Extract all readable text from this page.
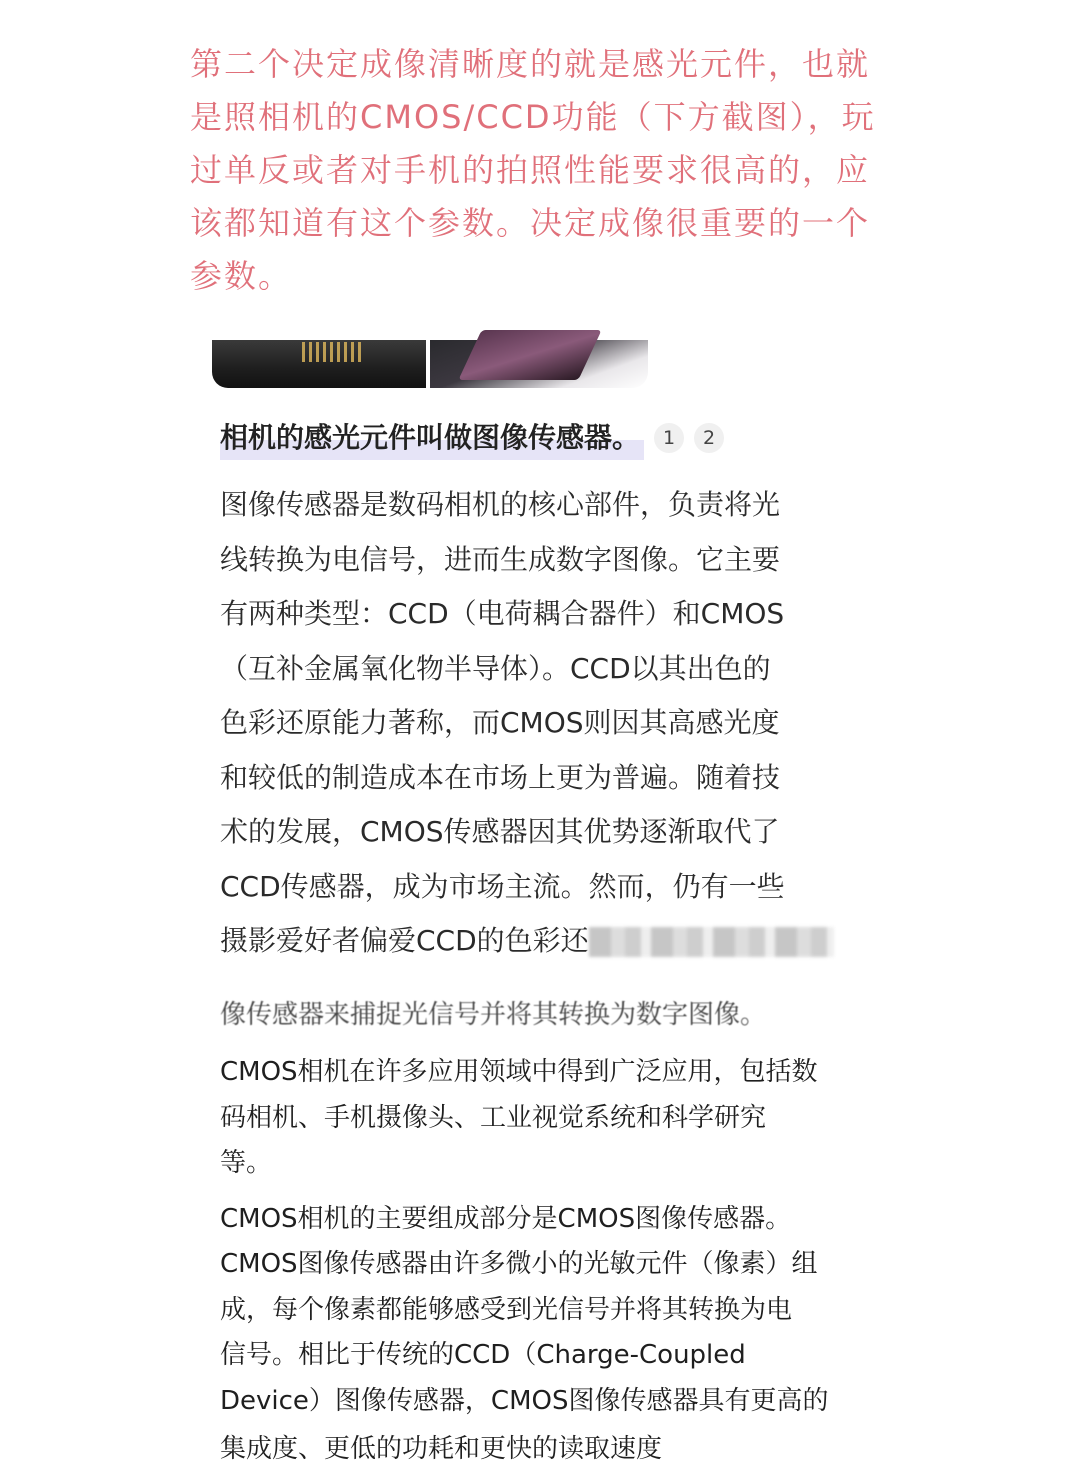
第二个决定成像清晰度的就是感光元件，也就

是照相机的CMOS/CCD功能（下方截图），玩

过单反或者对手机的拍照性能要求很高的，应

该都知道有这个参数。决定成像很重要的一个

参数。

相机的感光元件叫做图像传感器。	1	2

图像传感器是数码相机的核心部件，负责将光

线转换为电信号，进而生成数字图像。它主要

有两种类型：CCD（电荷耦合器件）和CMOS

（互补金属氧化物半导体）。CCD以其出色的

色彩还原能力著称，而CMOS则因其高感光度

和较低的制造成本在市场上更为普遍。随着技

术的发展，CMOS传感器因其优势逐渐取代了

CCD传感器，成为市场主流。然而，仍有一些

摄影爱好者偏爱CCD的色彩还

像传感器来捕捉光信号并将其转换为数字图像。

CMOS相机在许多应用领域中得到广泛应用，包括数

码相机、手机摄像头、工业视觉系统和科学研究

等。

CMOS相机的主要组成部分是CMOS图像传感器。

CMOS图像传感器由许多微小的光敏元件（像素）组

成，每个像素都能够感受到光信号并将其转换为电

信号。相比于传统的CCD（Charge-Coupled

Device）图像传感器，CMOS图像传感器具有更高的

集成度、更低的功耗和更快的读取速度
